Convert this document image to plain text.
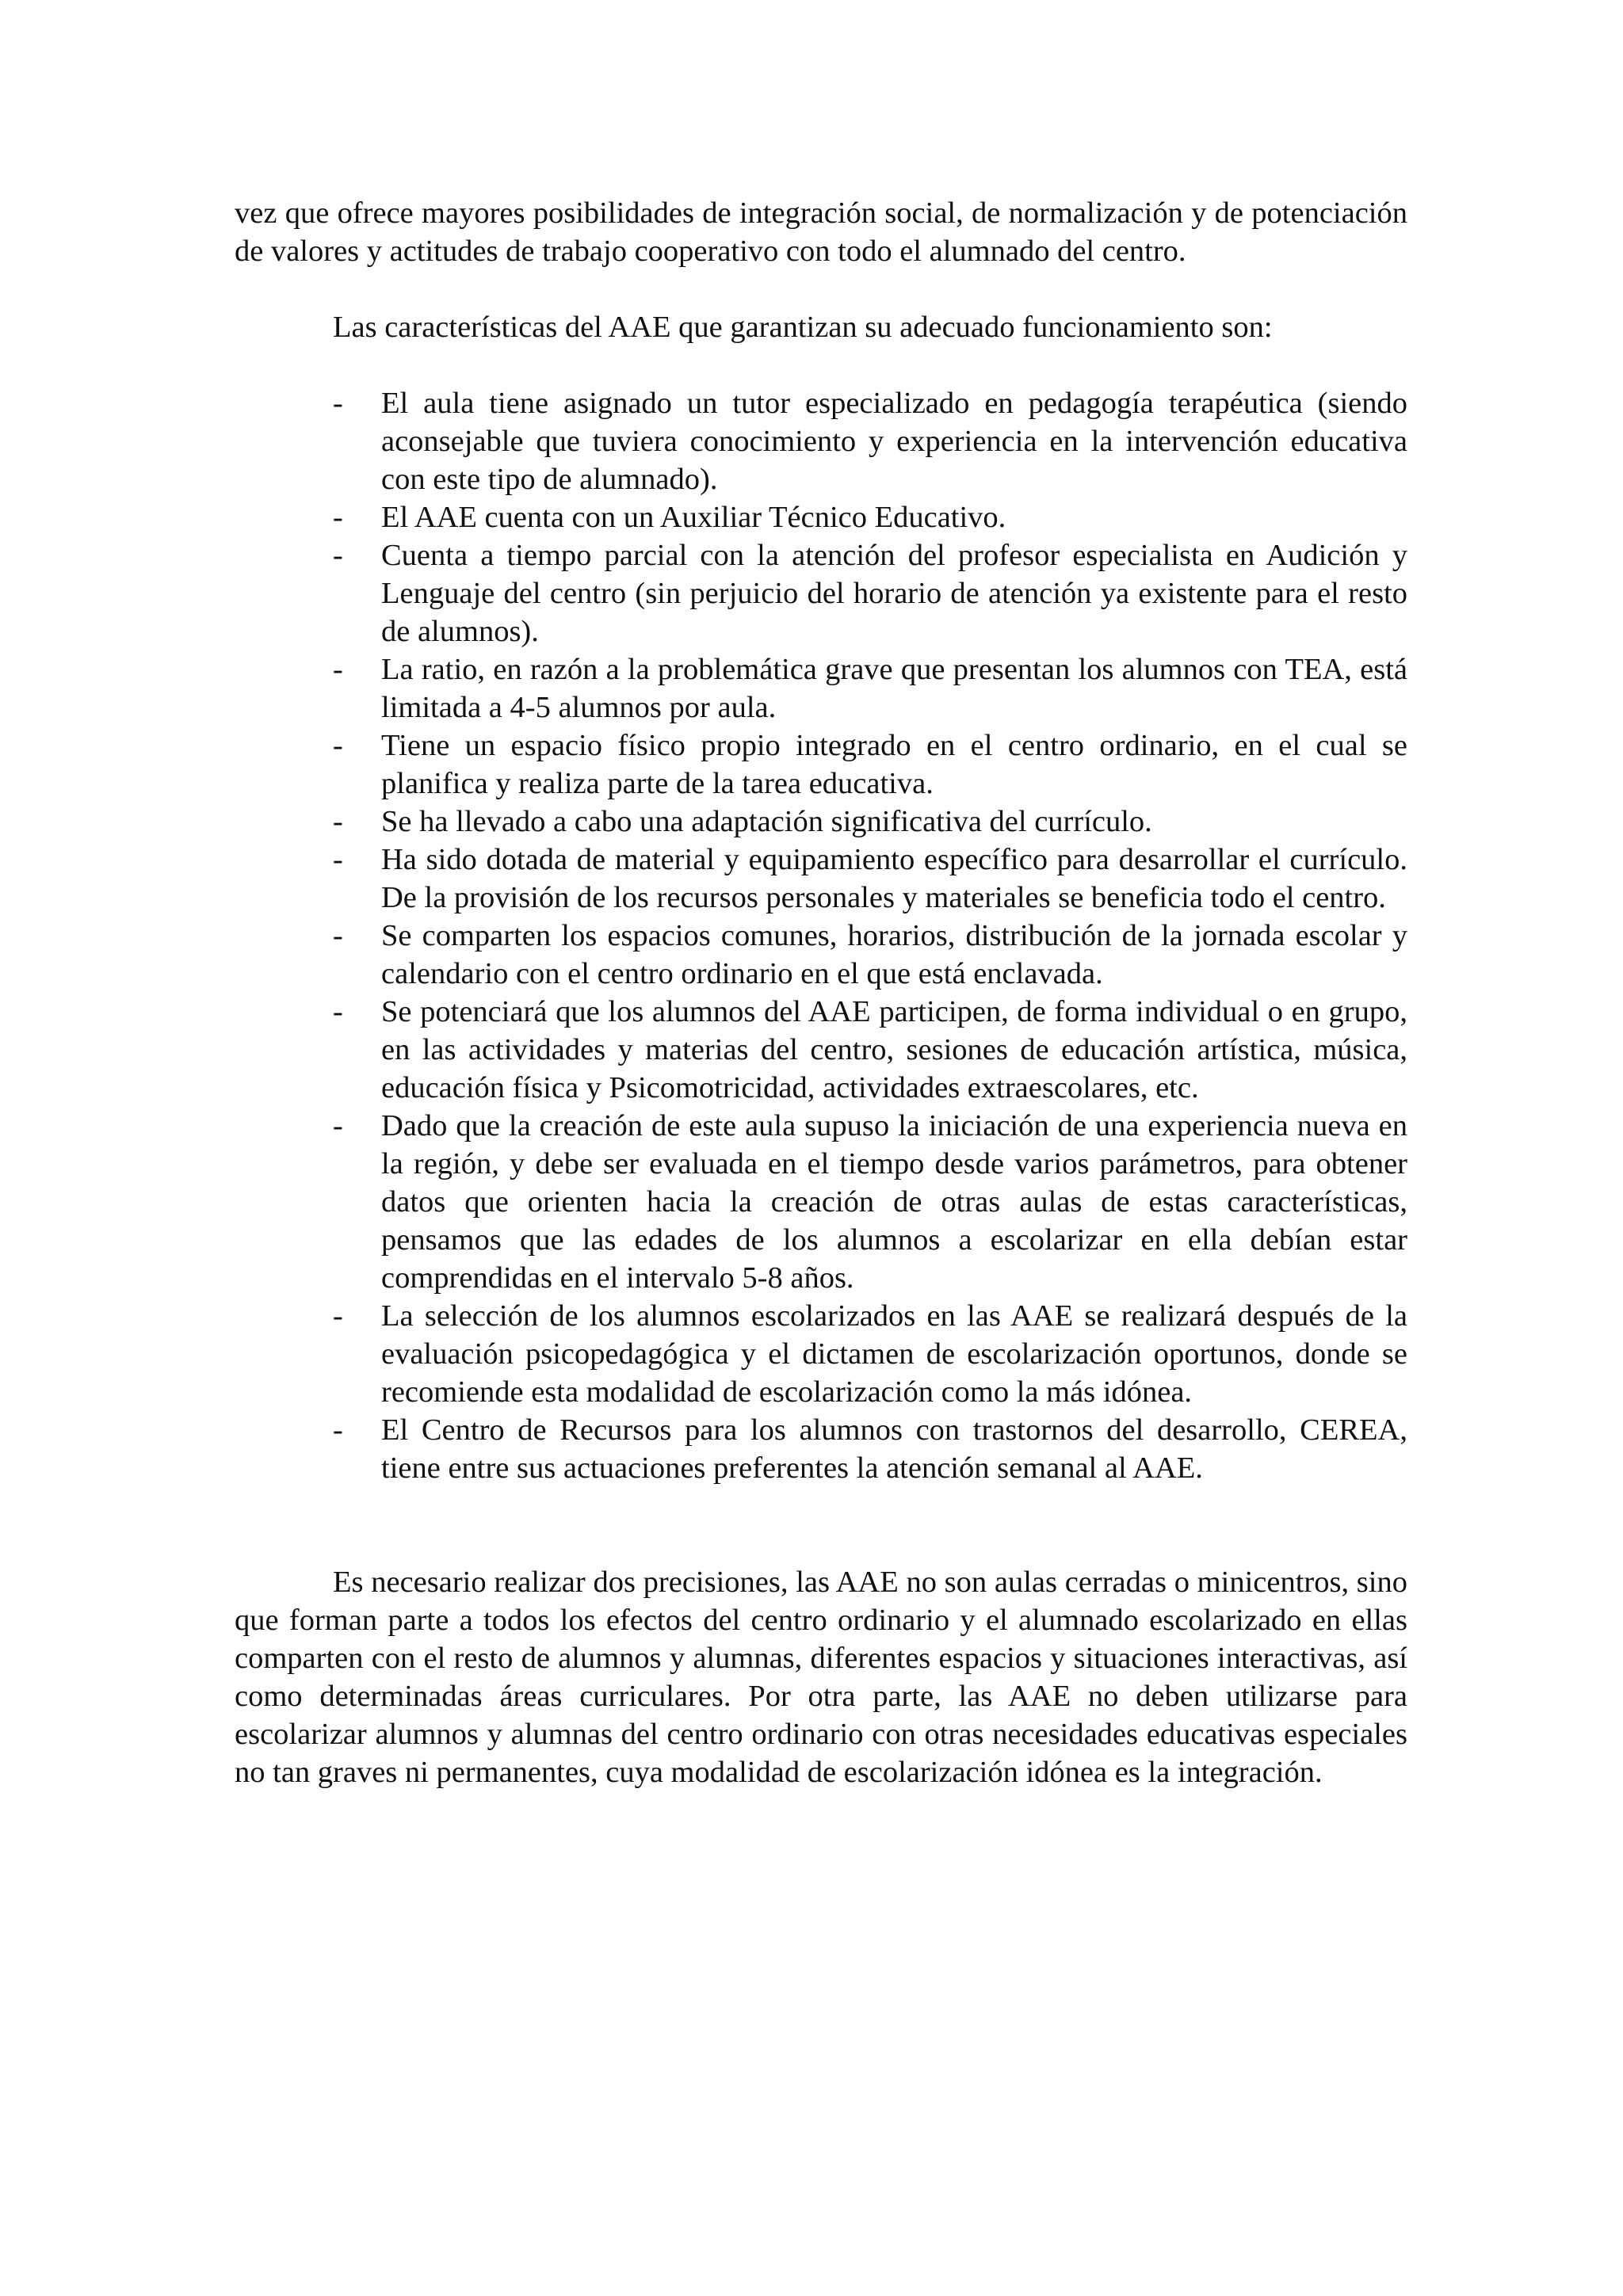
vez que ofrece mayores posibilidades de integración social, de normalización y de potenciación de valores y actitudes de trabajo cooperativo con todo el alumnado del centro.

Las características del AAE que garantizan su adecuado funcionamiento son:

- El aula tiene asignado un tutor especializado en pedagogía terapéutica (siendo aconsejable que tuviera conocimiento y experiencia en la intervención educativa con este tipo de alumnado).
- El AAE cuenta con un Auxiliar Técnico Educativo.
- Cuenta a tiempo parcial con la atención del profesor especialista en Audición y Lenguaje del centro (sin perjuicio del horario de atención ya existente para el resto de alumnos).
- La ratio, en razón a la problemática grave que presentan los alumnos con TEA, está limitada a 4-5 alumnos por aula.
- Tiene un espacio físico propio integrado en el centro ordinario, en el cual se planifica y realiza parte de la tarea educativa.
- Se ha llevado a cabo una adaptación significativa del currículo.
- Ha sido dotada de material y equipamiento específico para desarrollar el currículo. De la provisión de los recursos personales y materiales se beneficia todo el centro.
- Se comparten los espacios comunes, horarios, distribución de la jornada escolar y calendario con el centro ordinario en el que está enclavada.
- Se potenciará que los alumnos del AAE participen, de forma individual o en grupo, en las actividades y materias del centro, sesiones de educación artística, música, educación física y Psicomotricidad, actividades extraescolares, etc.
- Dado que la creación de este aula supuso la iniciación de una experiencia nueva en la región, y debe ser evaluada en el tiempo desde varios parámetros, para obtener datos que orienten hacia la creación de otras aulas de estas características, pensamos que las edades de los alumnos a escolarizar en ella debían estar comprendidas en el intervalo 5-8 años.
- La selección de los alumnos escolarizados en las AAE se realizará después de la evaluación psicopedagógica y el dictamen de escolarización oportunos, donde se recomiende esta modalidad de escolarización como la más idónea.
- El Centro de Recursos para los alumnos con trastornos del desarrollo, CEREA, tiene entre sus actuaciones preferentes la atención semanal al AAE.

Es necesario realizar dos precisiones, las AAE no son aulas cerradas o minicentros, sino que forman parte a todos los efectos del centro ordinario y el alumnado escolarizado en ellas comparten con el resto de alumnos y alumnas, diferentes espacios y situaciones interactivas, así como determinadas áreas curriculares. Por otra parte, las AAE no deben utilizarse para escolarizar alumnos y alumnas del centro ordinario con otras necesidades educativas especiales no tan graves ni permanentes, cuya modalidad de escolarización idónea es la integración.
